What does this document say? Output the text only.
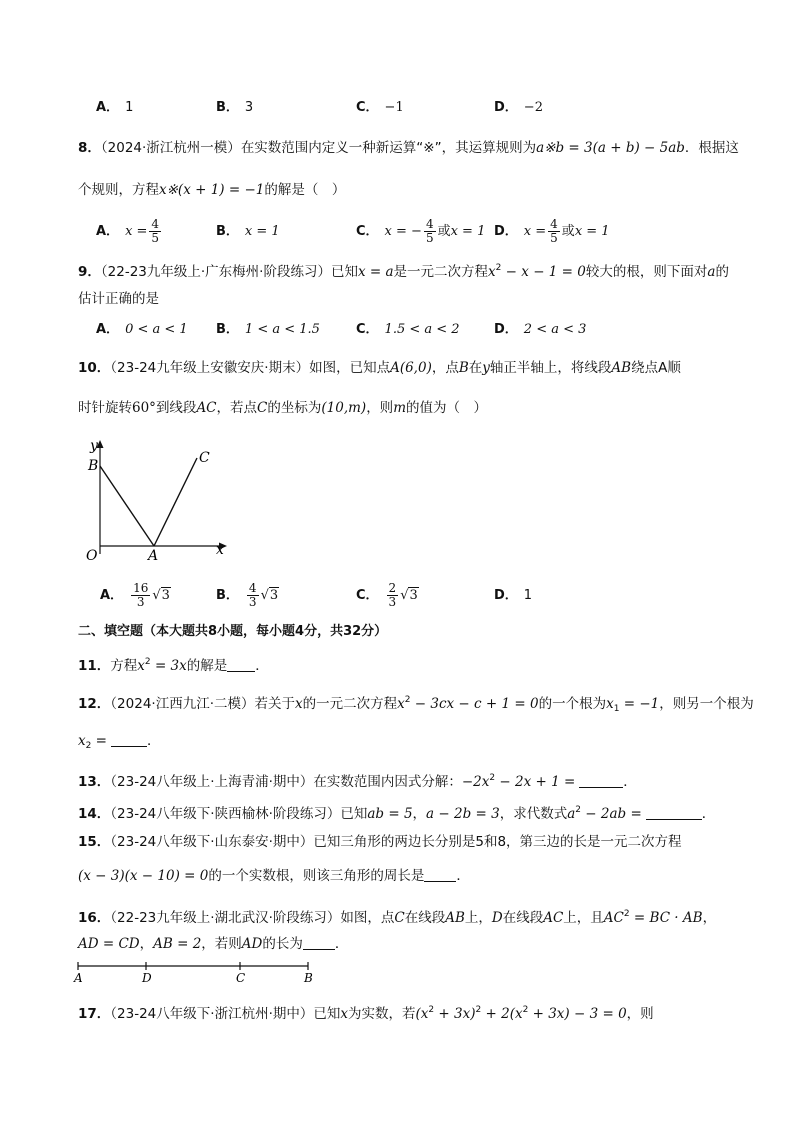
A． 1	B． 3	C． −1	D． −2
8．（2024·浙江杭州一模）在实数范围内定义一种新运算“※”，其运算规则为a※b = 3(a + b) − 5ab．根据这
个规则，方程x※(x + 1) = −1的解是（　）
A． $x = \frac{4}{5}$	B． x = 1	C． x = − $\frac{4}{5}$ 或x = 1 D． $x = \frac{4}{5}$ 或x = 1
9．（22-23九年级上·广东梅州·阶段练习）已知x = a是一元二次方程$x^2 - x - 1 = 0$较大的根，则下面对a的
估计正确的是
A． 0 < a < 1 B． 1 < a < 1.5	C． 1.5 < a < 2	D． 2 < a < 3
10．（23-24九年级上安徽安庆·期末）如图，已知点A(6,0)，点B在y轴正半轴上，将线段AB绕点A顺
时针旋转60°到线段AC，若点C的坐标为(10,m)，则m的值为（　）
y
B
O	A	x
C
A． $\frac{16}{3} √3$	B． $\frac{4}{3} √3$	C． $\frac{2}{3} √3$	D． 1
二、填空题（本大题共8小题，每小题4分，共32分）
11．方程$x^2 = 3x$的解是 ．
12．（2024·江西九江·二模）若关于x的一元二次方程$x^2 - 3cx - c + 1 = 0$的一个根为$x_1 = -1$，则另一个根为
$x_2$ =	．
13．（23-24八年级上·上海青浦·期中）在实数范围内因式分解：$-2x^2 - 2x + 1$ =	．
14．（23-24八年级下·陕西榆林·阶段练习）已知ab = 5，a − 2b = 3，求代数式$a^2 - 2ab$ =	．
15．（23-24八年级下·山东泰安·期中）已知三角形的两边长分别是5和8，第三边的长是一元二次方程
(x − 3)(x − 10) = 0的一个实数根，则该三角形的周长是 ．
16．（22-23九年级上·湖北武汉·阶段练习）如图，点C在线段AB上，D在线段AC上，且$AC^2$ = BC · AB，
AD = CD，AB = 2，若则AD的长为 ．
A	D	C	B
17．（23-24八年级下·浙江杭州·期中）已知x为实数，若$(x^2 + 3x)^2 + 2(x^2 + 3x) - 3 = 0$，则
